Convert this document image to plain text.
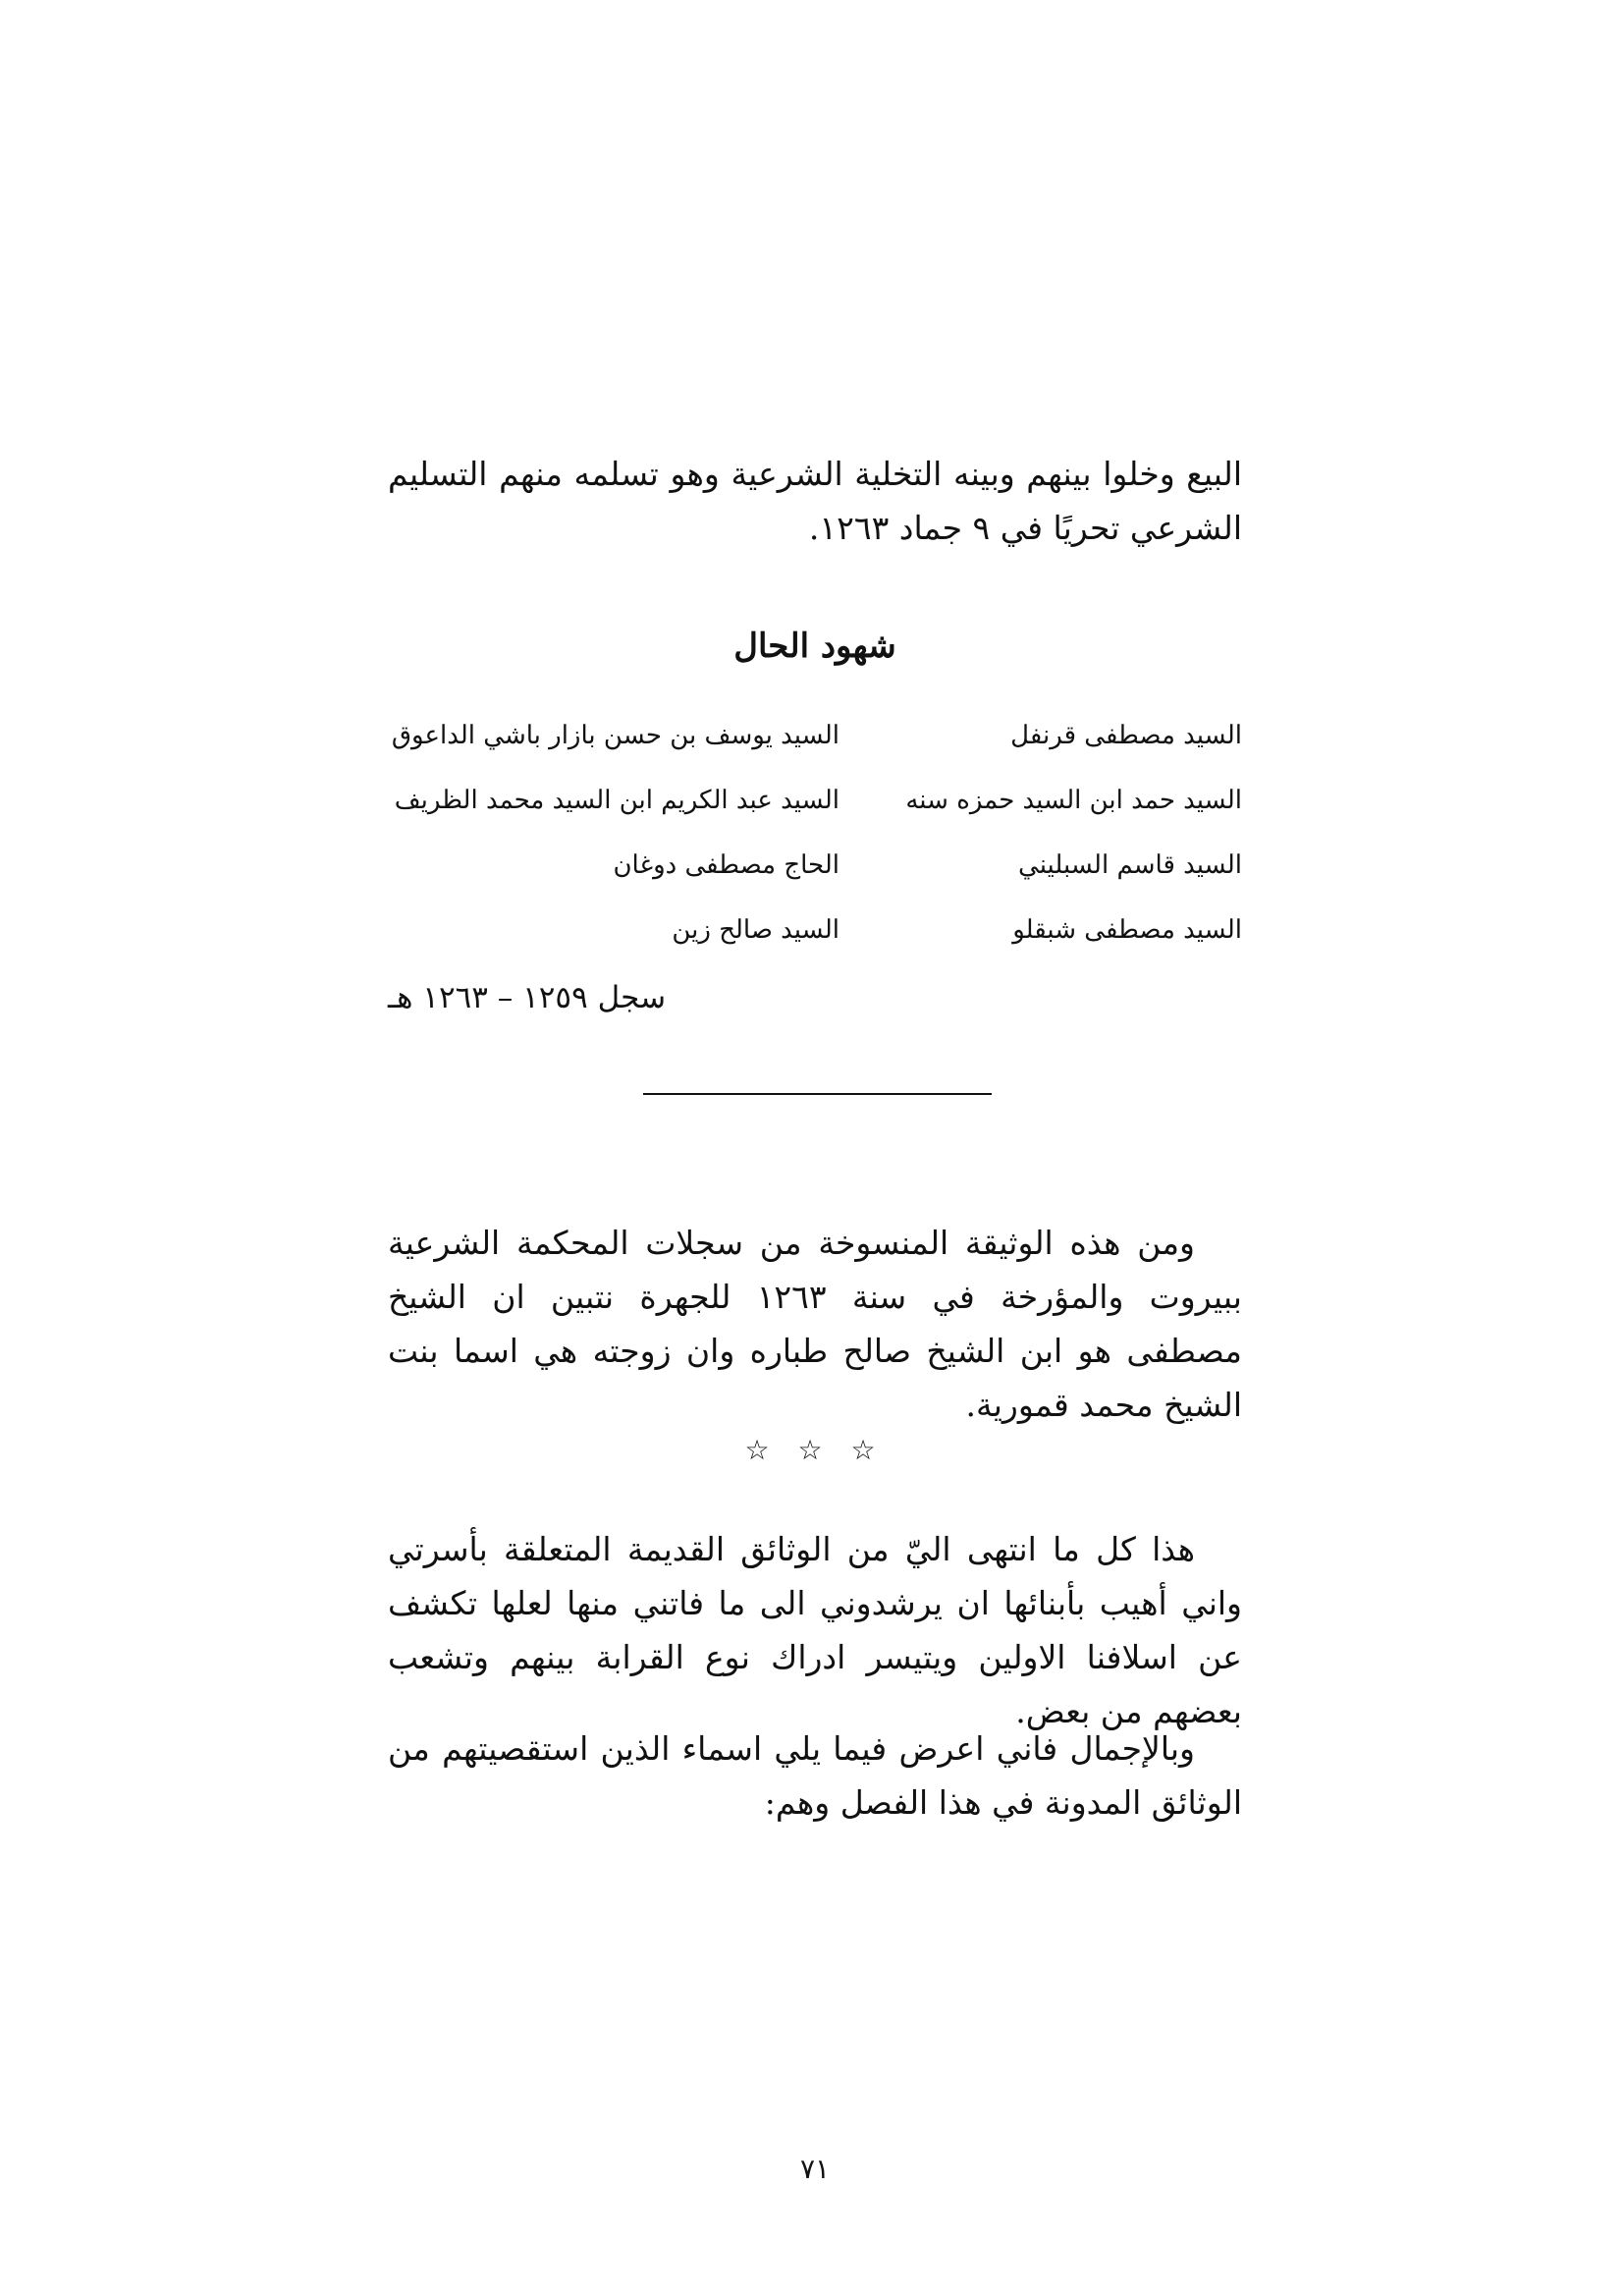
البيع وخلوا بينهم وبينه التخلية الشرعية وهو تسلمه منهم التسليم الشرعي تحريًا في ٩ جماد ١٢٦٣.

شهود الحال
السيد مصطفى قرنفل
السيد يوسف بن حسن بازار باشي الداعوق
السيد حمد ابن السيد حمزه سنه
السيد عبد الكريم ابن السيد محمد الظريف
السيد قاسم السبليني
الحاج مصطفى دوغان
السيد مصطفى شبقلو
السيد صالح زين
سجل ١٢٥٩ – ١٢٦٣ هـ

ومن هذه الوثيقة المنسوخة من سجلات المحكمة الشرعية ببيروت والمؤرخة في سنة ١٢٦٣ للجهرة نتبين ان الشيخ مصطفى هو ابن الشيخ صالح طباره وان زوجته هي اسما بنت الشيخ محمد قمورية.

☆ ☆ ☆

هذا كل ما انتهى اليّ من الوثائق القديمة المتعلقة بأسرتي واني أهيب بأبنائها ان يرشدوني الى ما فاتني منها لعلها تكشف عن اسلافنا الاولين ويتيسر ادراك نوع القرابة بينهم وتشعب بعضهم من بعض.

وبالإجمال فاني اعرض فيما يلي اسماء الذين استقصيتهم من الوثائق المدونة في هذا الفصل وهم:

٧١
